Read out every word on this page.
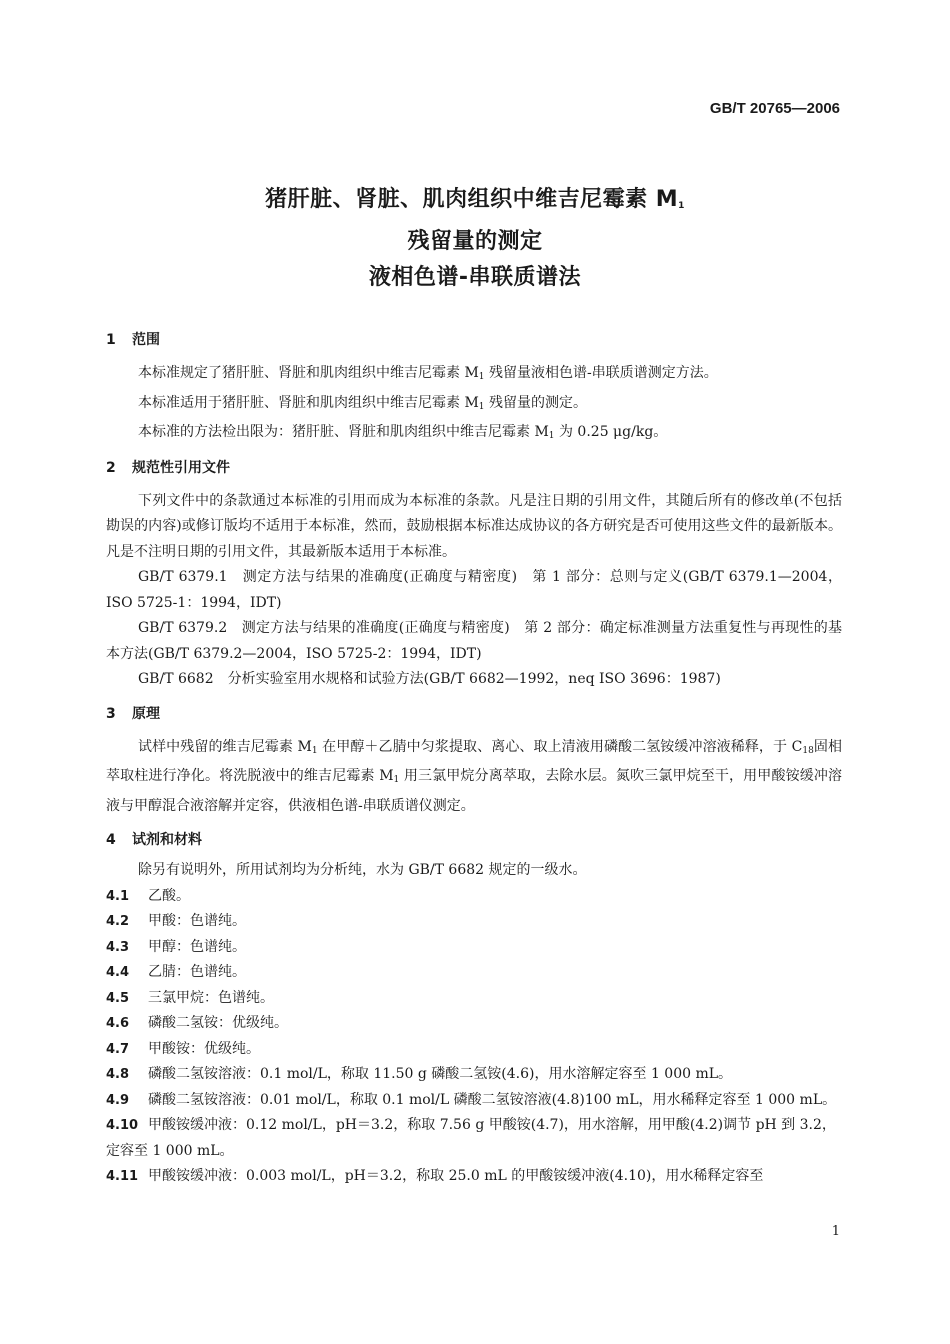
GB/T 20765—2006
猪肝脏、肾脏、肌肉组织中维吉尼霉素 $M_1$
残留量的测定
液相色谱-串联质谱法
1 范围
本标准规定了猪肝脏、肾脏和肌肉组织中维吉尼霉素 $M_1$ 残留量液相色谱-串联质谱测定方法。
本标准适用于猪肝脏、肾脏和肌肉组织中维吉尼霉素 $M_1$ 残留量的测定。
本标准的方法检出限为：猪肝脏、肾脏和肌肉组织中维吉尼霉素 $M_1$ 为 0.25 μg/kg。
2 规范性引用文件
下列文件中的条款通过本标准的引用而成为本标准的条款。凡是注日期的引用文件，其随后所有的修改单(不包括勘误的内容)或修订版均不适用于本标准，然而，鼓励根据本标准达成协议的各方研究是否可使用这些文件的最新版本。凡是不注明日期的引用文件，其最新版本适用于本标准。
GB/T 6379.1　测定方法与结果的准确度(正确度与精密度)　第 1 部分：总则与定义(GB/T 6379.1—2004，ISO 5725-1：1994，IDT)
GB/T 6379.2　测定方法与结果的准确度(正确度与精密度)　第 2 部分：确定标准测量方法重复性与再现性的基本方法(GB/T 6379.2—2004，ISO 5725-2：1994，IDT)
GB/T 6682　分析实验室用水规格和试验方法(GB/T 6682—1992，neq ISO 3696：1987)
3 原理
试样中残留的维吉尼霉素 $M_1$ 在甲醇＋乙腈中匀浆提取、离心、取上清液用磷酸二氢铵缓冲溶液稀释，于 $C_{18}$固相萃取柱进行净化。将洗脱液中的维吉尼霉素 $M_1$ 用三氯甲烷分离萃取，去除水层。氮吹三氯甲烷至干，用甲酸铵缓冲溶液与甲醇混合液溶解并定容，供液相色谱-串联质谱仪测定。
4 试剂和材料
除另有说明外，所用试剂均为分析纯，水为 GB/T 6682 规定的一级水。
4.1 乙酸。
4.2 甲酸：色谱纯。
4.3 甲醇：色谱纯。
4.4 乙腈：色谱纯。
4.5 三氯甲烷：色谱纯。
4.6 磷酸二氢铵：优级纯。
4.7 甲酸铵：优级纯。
4.8 磷酸二氢铵溶液：0.1 mol/L，称取 11.50 g 磷酸二氢铵(4.6)，用水溶解定容至 1 000 mL。
4.9 磷酸二氢铵溶液：0.01 mol/L，称取 0.1 mol/L 磷酸二氢铵溶液(4.8)100 mL，用水稀释定容至 1 000 mL。
4.10 甲酸铵缓冲液：0.12 mol/L，pH＝3.2，称取 7.56 g 甲酸铵(4.7)，用水溶解，用甲酸(4.2)调节 pH 到 3.2，定容至 1 000 mL。
4.11 甲酸铵缓冲液：0.003 mol/L，pH＝3.2，称取 25.0 mL 的甲酸铵缓冲液(4.10)，用水稀释定容至
1
